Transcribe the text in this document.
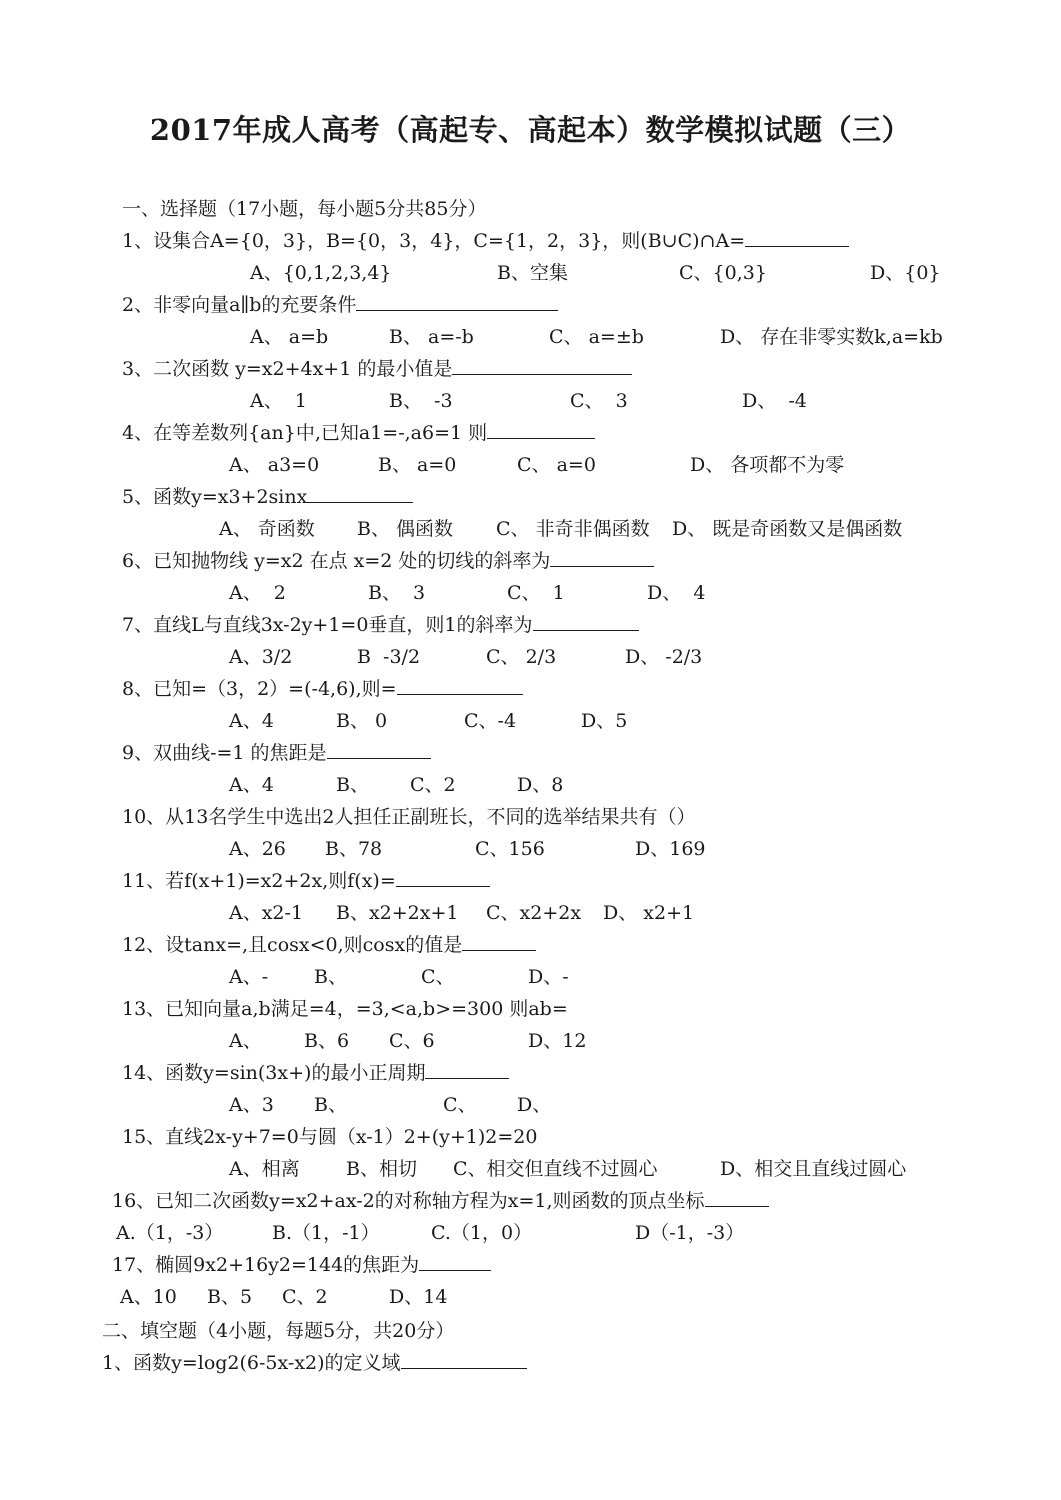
2017年成人高考（高起专、高起本）数学模拟试题（三）
一、选择题（17小题，每小题5分共85分）
1、设集合A={0，3}，B={0，3，4}，C={1，2，3}，则(B∪C)∩A=
A、{0,1,2,3,4}	B、空集	C、{0,3}	D、{0}
2、非零向量a∥b的充要条件
A、 a=b	B、 a=-b	C、 a=±b	D、 存在非零实数k,a=kb
3、二次函数 y=x2+4x+1 的最小值是
A、  1	B、  -3	C、  3	D、  -4
4、在等差数列{an}中,已知a1=-,a6=1 则
A、 a3=0	B、 a=0	C、 a=0	D、 各项都不为零
5、函数y=x3+2sinx
A、 奇函数 B、 偶函数 C、 非奇非偶函数 D、 既是奇函数又是偶函数
6、已知抛物线 y=x2 在点 x=2 处的切线的斜率为
A、  2	B、  3	C、  1	D、  4
7、直线L与直线3x-2y+1=0垂直，则1的斜率为
A、3/2	B  -3/2	C、 2/3	D、 -2/3
8、已知=（3，2）=(-4,6),则=
A、4	B、 0	C、-4	D、5
9、双曲线-=1 的焦距是
A、4	B、 C、2	D、8
10、从13名学生中选出2人担任正副班长，不同的选举结果共有（）
A、26 B、78	C、156	D、169
11、若f(x+1)=x2+2x,则f(x)=
A、x2-1 B、x2+2x+1 C、x2+2x D、 x2+1
12、设tanx=,且cosx<0,则cosx的值是
A、- B、	C、	D、-
13、已知向量a,b满足=4，=3,<a,b>=300 则ab=
A、 B、6 C、6	D、12
14、函数y=sin(3x+)的最小正周期
A、3 B、	C、 D、
15、直线2x-y+7=0与圆（x-1）2+(y+1)2=20
A、相离 B、相切 C、相交但直线不过圆心	D、相交且直线过圆心
16、已知二次函数y=x2+ax-2的对称轴方程为x=1,则函数的顶点坐标
A.（1，-3）	B.（1，-1）	C.（1，0）	D（-1，-3）
17、椭圆9x2+16y2=144的焦距为
A、10 B、5 C、2	D、14
二、填空题（4小题，每题5分，共20分）
1、函数y=log2(6-5x-x2)的定义域
